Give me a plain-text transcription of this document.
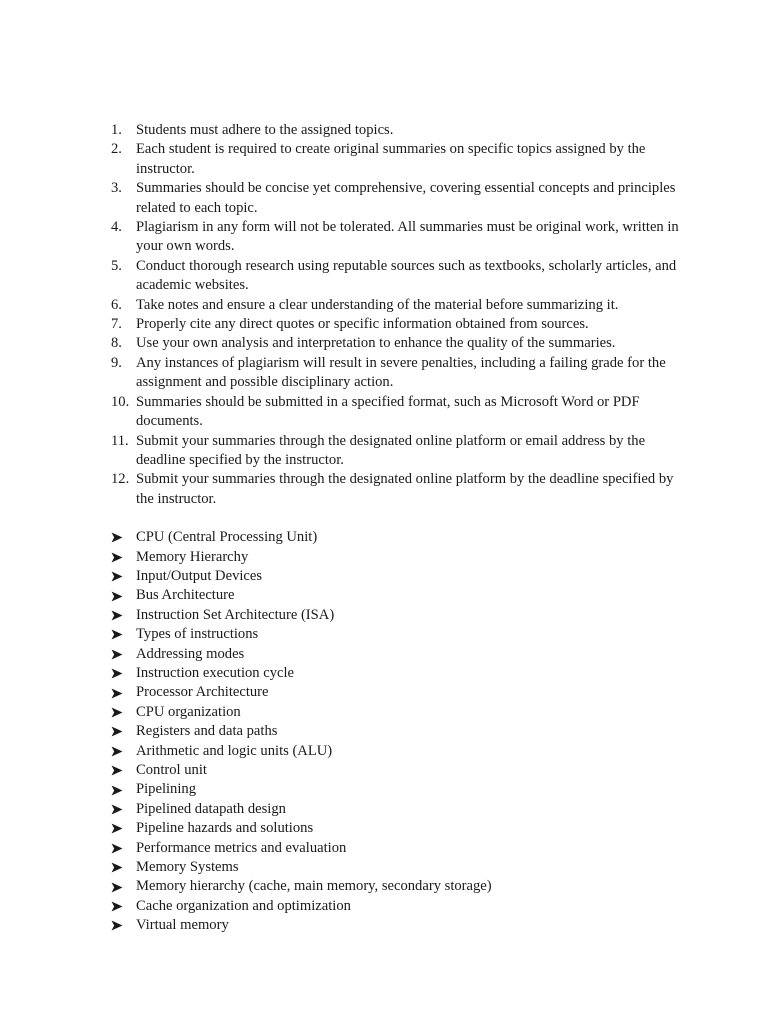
1. Students must adhere to the assigned topics.
2. Each student is required to create original summaries on specific topics assigned by the instructor.
3. Summaries should be concise yet comprehensive, covering essential concepts and principles related to each topic.
4. Plagiarism in any form will not be tolerated. All summaries must be original work, written in your own words.
5. Conduct thorough research using reputable sources such as textbooks, scholarly articles, and academic websites.
6. Take notes and ensure a clear understanding of the material before summarizing it.
7. Properly cite any direct quotes or specific information obtained from sources.
8. Use your own analysis and interpretation to enhance the quality of the summaries.
9. Any instances of plagiarism will result in severe penalties, including a failing grade for the assignment and possible disciplinary action.
10. Summaries should be submitted in a specified format, such as Microsoft Word or PDF documents.
11. Submit your summaries through the designated online platform or email address by the deadline specified by the instructor.
12. Submit your summaries through the designated online platform by the deadline specified by the instructor.
CPU (Central Processing Unit)
Memory Hierarchy
Input/Output Devices
Bus Architecture
Instruction Set Architecture (ISA)
Types of instructions
Addressing modes
Instruction execution cycle
Processor Architecture
CPU organization
Registers and data paths
Arithmetic and logic units (ALU)
Control unit
Pipelining
Pipelined datapath design
Pipeline hazards and solutions
Performance metrics and evaluation
Memory Systems
Memory hierarchy (cache, main memory, secondary storage)
Cache organization and optimization
Virtual memory
